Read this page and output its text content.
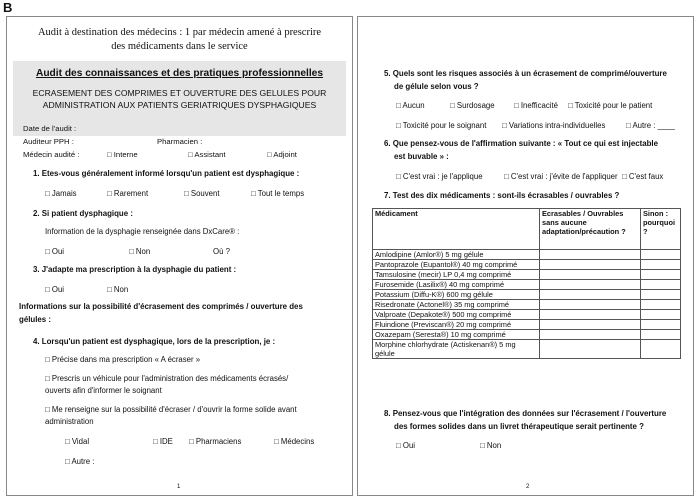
B
Audit à destination des médecins : 1 par médecin amené à prescrire
des médicaments dans le service
Audit des connaissances et des pratiques professionnelles
ECRASEMENT DES COMPRIMES ET OUVERTURE DES GELULES POUR
ADMINISTRATION AUX PATIENTS GERIATRIQUES DYSPHAGIQUES
Date de l'audit :
Auditeur PPH :	Pharmacien :
Médecin audité :	□ Interne	□ Assistant	□ Adjoint
1. Etes-vous généralement informé lorsqu'un patient est dysphagique :
□ Jamais	□ Rarement	□ Souvent	□ Tout le temps
2. Si patient dysphagique :
Information de la dysphagie renseignée dans DxCare® :
□ Oui	□ Non	Où ?
3. J'adapte ma prescription à la dysphagie du patient :
□ Oui	□ Non
Informations sur la possibilité d'écrasement des comprimés / ouverture des
gélules :
4. Lorsqu'un patient est dysphagique, lors de la prescription, je :
□ Précise dans ma prescription « A écraser »
□ Prescris un véhicule pour l'administration des médicaments écrasés/
ouverts afin d'informer le soignant
□ Me renseigne sur la possibilité d'écraser / d'ouvrir la forme solide avant
administration
□ Vidal	□ IDE □ Pharmaciens	□ Médecins
□ Autre :
1
5. Quels sont les risques associés à un écrasement de comprimé/ouverture
de gélule selon vous ?
□ Aucun	□ Surdosage □ Inefficacité □ Toxicité pour le patient
□ Toxicité pour le soignant □ Variations intra-individuelles	□ Autre : ____
6. Que pensez-vous de l'affirmation suivante : « Tout ce qui est injectable
est buvable » :
□ C'est vrai : je l'applique	□ C'est vrai : j'évite de l'appliquer □ C'est faux
7. Test des dix médicaments : sont-ils écrasables / ouvrables ?
Médicament	Ecrasables / Ouvrables sans aucune adaptation/précaution ?	Sinon : pourquoi ?
Amlodipine (Amlor®) 5 mg gélule		
Pantoprazole (Eupantol®) 40 mg comprimé		
Tamsulosine (mecir) LP 0,4 mg comprimé		
Furosemide (Lasilix®) 40 mg comprimé		
Potassium (Diffu-K®) 600 mg gélule		
Risedronate (Actonel®) 35 mg comprimé		
Valproate (Depakote®) 500 mg comprimé		
Fluindione (Previscan®) 20 mg comprimé		
Oxazepam (Seresta®) 10 mg comprimé		
Morphine chlorhydrate (Actiskenan®) 5 mg gélule		
8. Pensez-vous que l'intégration des données sur l'écrasement / l'ouverture
des formes solides dans un livret thérapeutique serait pertinente ?
□ Oui	□ Non
2
